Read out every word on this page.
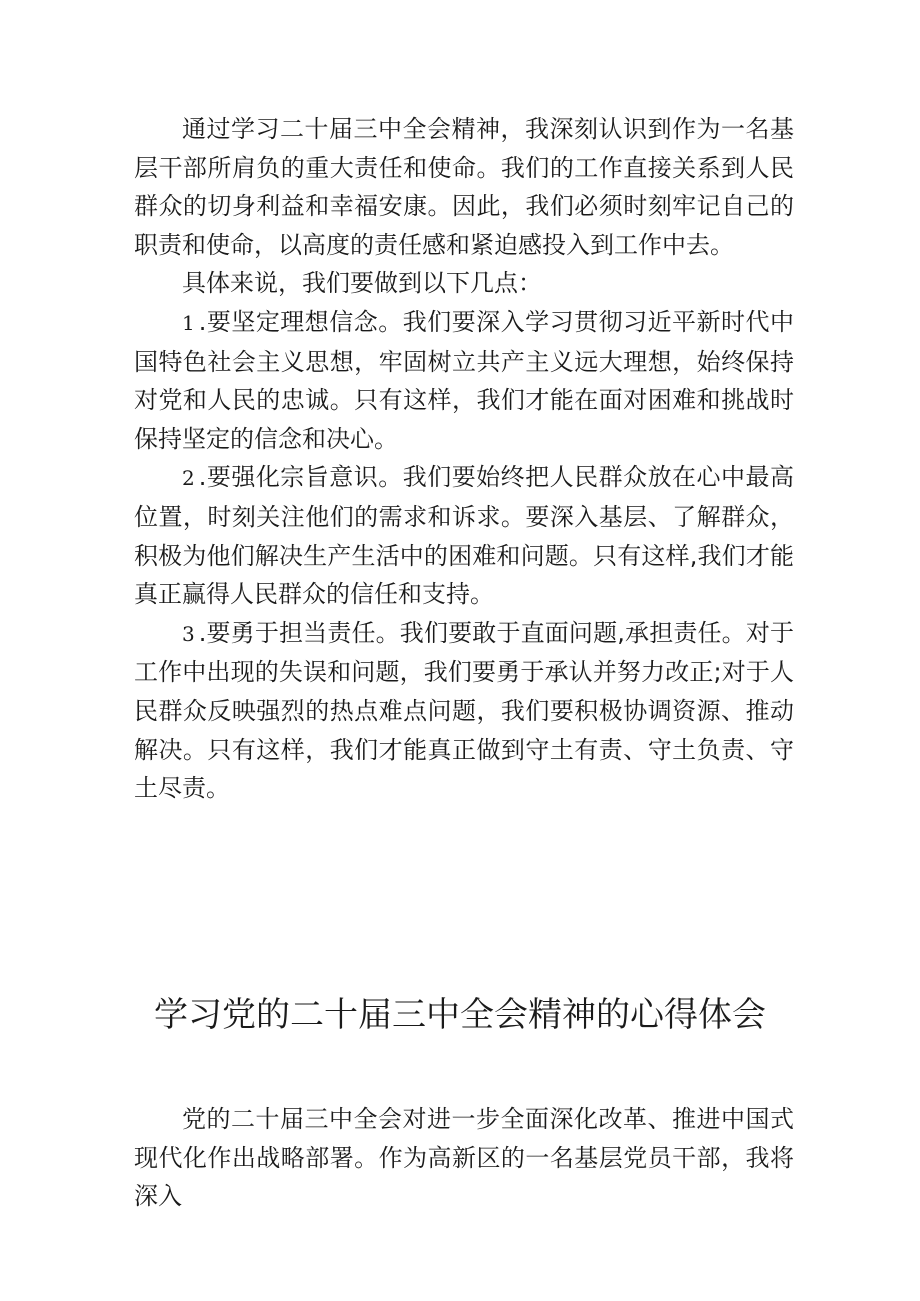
通过学习二十届三中全会精神，我深刻认识到作为一名基层干部所肩负的重大责任和使命。我们的工作直接关系到人民群众的切身利益和幸福安康。因此，我们必须时刻牢记自己的职责和使命，以高度的责任感和紧迫感投入到工作中去。

具体来说，我们要做到以下几点：

1 .要坚定理想信念。我们要深入学习贯彻习近平新时代中国特色社会主义思想，牢固树立共产主义远大理想，始终保持对党和人民的忠诚。只有这样，我们才能在面对困难和挑战时保持坚定的信念和决心。

2 .要强化宗旨意识。我们要始终把人民群众放在心中最高位置，时刻关注他们的需求和诉求。要深入基层、了解群众，积极为他们解决生产生活中的困难和问题。只有这样,我们才能真正赢得人民群众的信任和支持。

3 .要勇于担当责任。我们要敢于直面问题,承担责任。对于工作中出现的失误和问题，我们要勇于承认并努力改正;对于人民群众反映强烈的热点难点问题，我们要积极协调资源、推动解决。只有这样，我们才能真正做到守土有责、守土负责、守土尽责。

学习党的二十届三中全会精神的心得体会

党的二十届三中全会对进一步全面深化改革、推进中国式现代化作出战略部署。作为高新区的一名基层党员干部，我将深入
